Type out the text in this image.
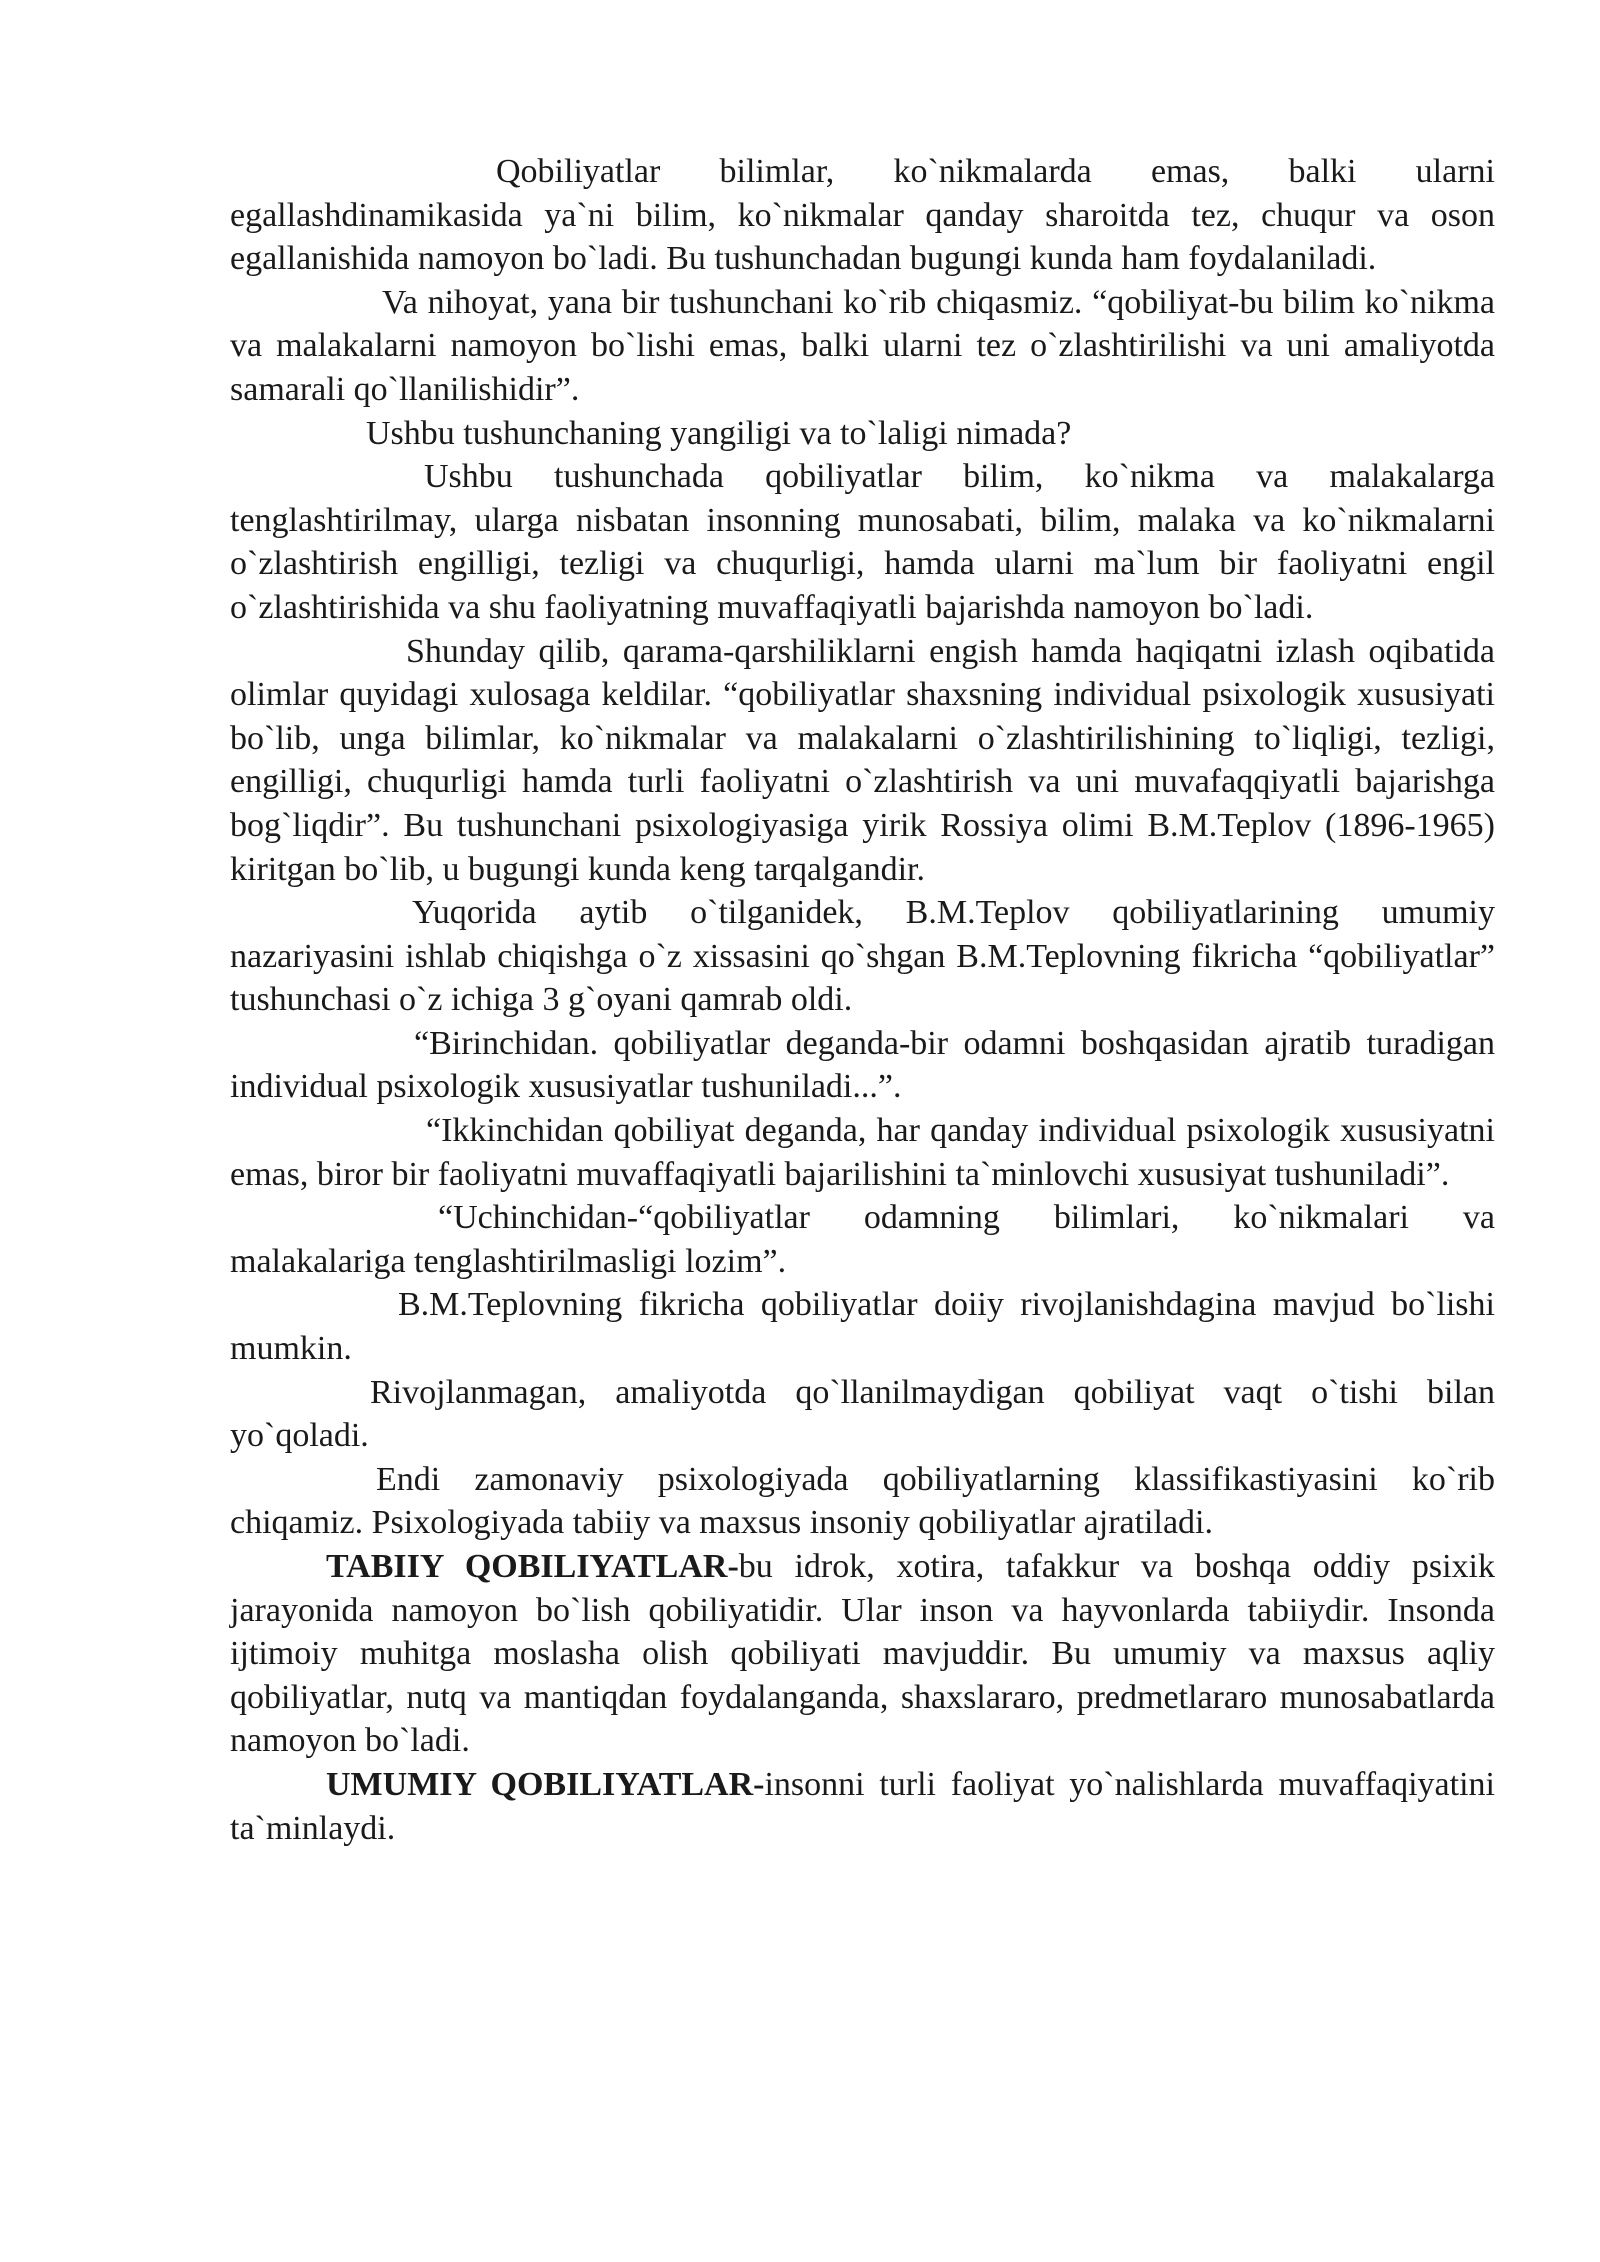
Qobiliyatlar bilimlar, ko`nikmalarda emas, balki ularni egallashdinamikasida ya`ni bilim, ko`nikmalar qanday sharoitda tez, chuqur va oson egallanishida namoyon bo`ladi. Bu tushunchadan bugungi kunda ham foydalaniladi.

Va nihoyat, yana bir tushunchani ko`rib chiqasmiz. “qobiliyat-bu bilim ko`nikma va malakalarni namoyon bo`lishi emas, balki ularni tez o`zlashtirilishi va uni amaliyotda samarali qo`llanilishidir”.

Ushbu tushunchaning yangiligi va to`laligi nimada?

Ushbu tushunchada qobiliyatlar bilim, ko`nikma va malakalarga tenglashtirilmay, ularga nisbatan insonning munosabati, bilim, malaka va ko`nikmalarni o`zlashtirish engilligi, tezligi va chuqurligi, hamda ularni ma`lum bir faoliyatni engil o`zlashtirishida va shu faoliyatning muvaffaqiyatli bajarishda namoyon bo`ladi.

Shunday qilib, qarama-qarshiliklarni engish hamda haqiqatni izlash oqibatida olimlar quyidagi xulosaga keldilar. “qobiliyatlar shaxsning individual psixologik xususiyati bo`lib, unga bilimlar, ko`nikmalar va malakalarni o`zlashtirilishining to`liqligi, tezligi, engilligi, chuqurligi hamda turli faoliyatni o`zlashtirish va uni muvafaqqiyatli bajarishga bog`liqdir”. Bu tushunchani psixologiyasiga yirik Rossiya olimi B.M.Teplov (1896-1965) kiritgan bo`lib, u bugungi kunda keng tarqalgandir.

Yuqorida aytib o`tilganidek, B.M.Teplov qobiliyatlarining umumiy nazariyasini ishlab chiqishga o`z xissasini qo`shgan B.M.Teplovning fikricha “qobiliyatlar” tushunchasi o`z ichiga 3 g`oyani qamrab oldi.

“Birinchidan. qobiliyatlar deganda-bir odamni boshqasidan ajratib turadigan individual psixologik xususiyatlar tushuniladi...”.

“Ikkinchidan qobiliyat deganda, har qanday individual psixologik xususiyatni emas, biror bir faoliyatni muvaffaqiyatli bajarilishini ta`minlovchi xususiyat tushuniladi”.

“Uchinchidan-“qobiliyatlar odamning bilimlari, ko`nikmalari va malakalariga tenglashtirilmasligi lozim”.

B.M.Teplovning fikricha qobiliyatlar doiiy rivojlanishdagina mavjud bo`lishi mumkin.

Rivojlanmagan, amaliyotda qo`llanilmaydigan qobiliyat vaqt o`tishi bilan yo`qoladi.

Endi zamonaviy psixologiyada qobiliyatlarning klassifikastiyasini ko`rib chiqamiz. Psixologiyada tabiiy va maxsus insoniy qobiliyatlar ajratiladi.

TABIIY QOBILIYATLAR-bu idrok, xotira, tafakkur va boshqa oddiy psixik jarayonida namoyon bo`lish qobiliyatidir. Ular inson va hayvonlarda tabiiydir. Insonda ijtimoiy muhitga moslasha olish qobiliyati mavjuddir. Bu umumiy va maxsus aqliy qobiliyatlar, nutq va mantiqdan foydalanganda, shaxslararo, predmetlararo munosabatlarda namoyon bo`ladi.

UMUMIY QOBILIYATLAR-insonni turli faoliyat yo`nalishlarda muvaffaqiyatini ta`minlaydi.
